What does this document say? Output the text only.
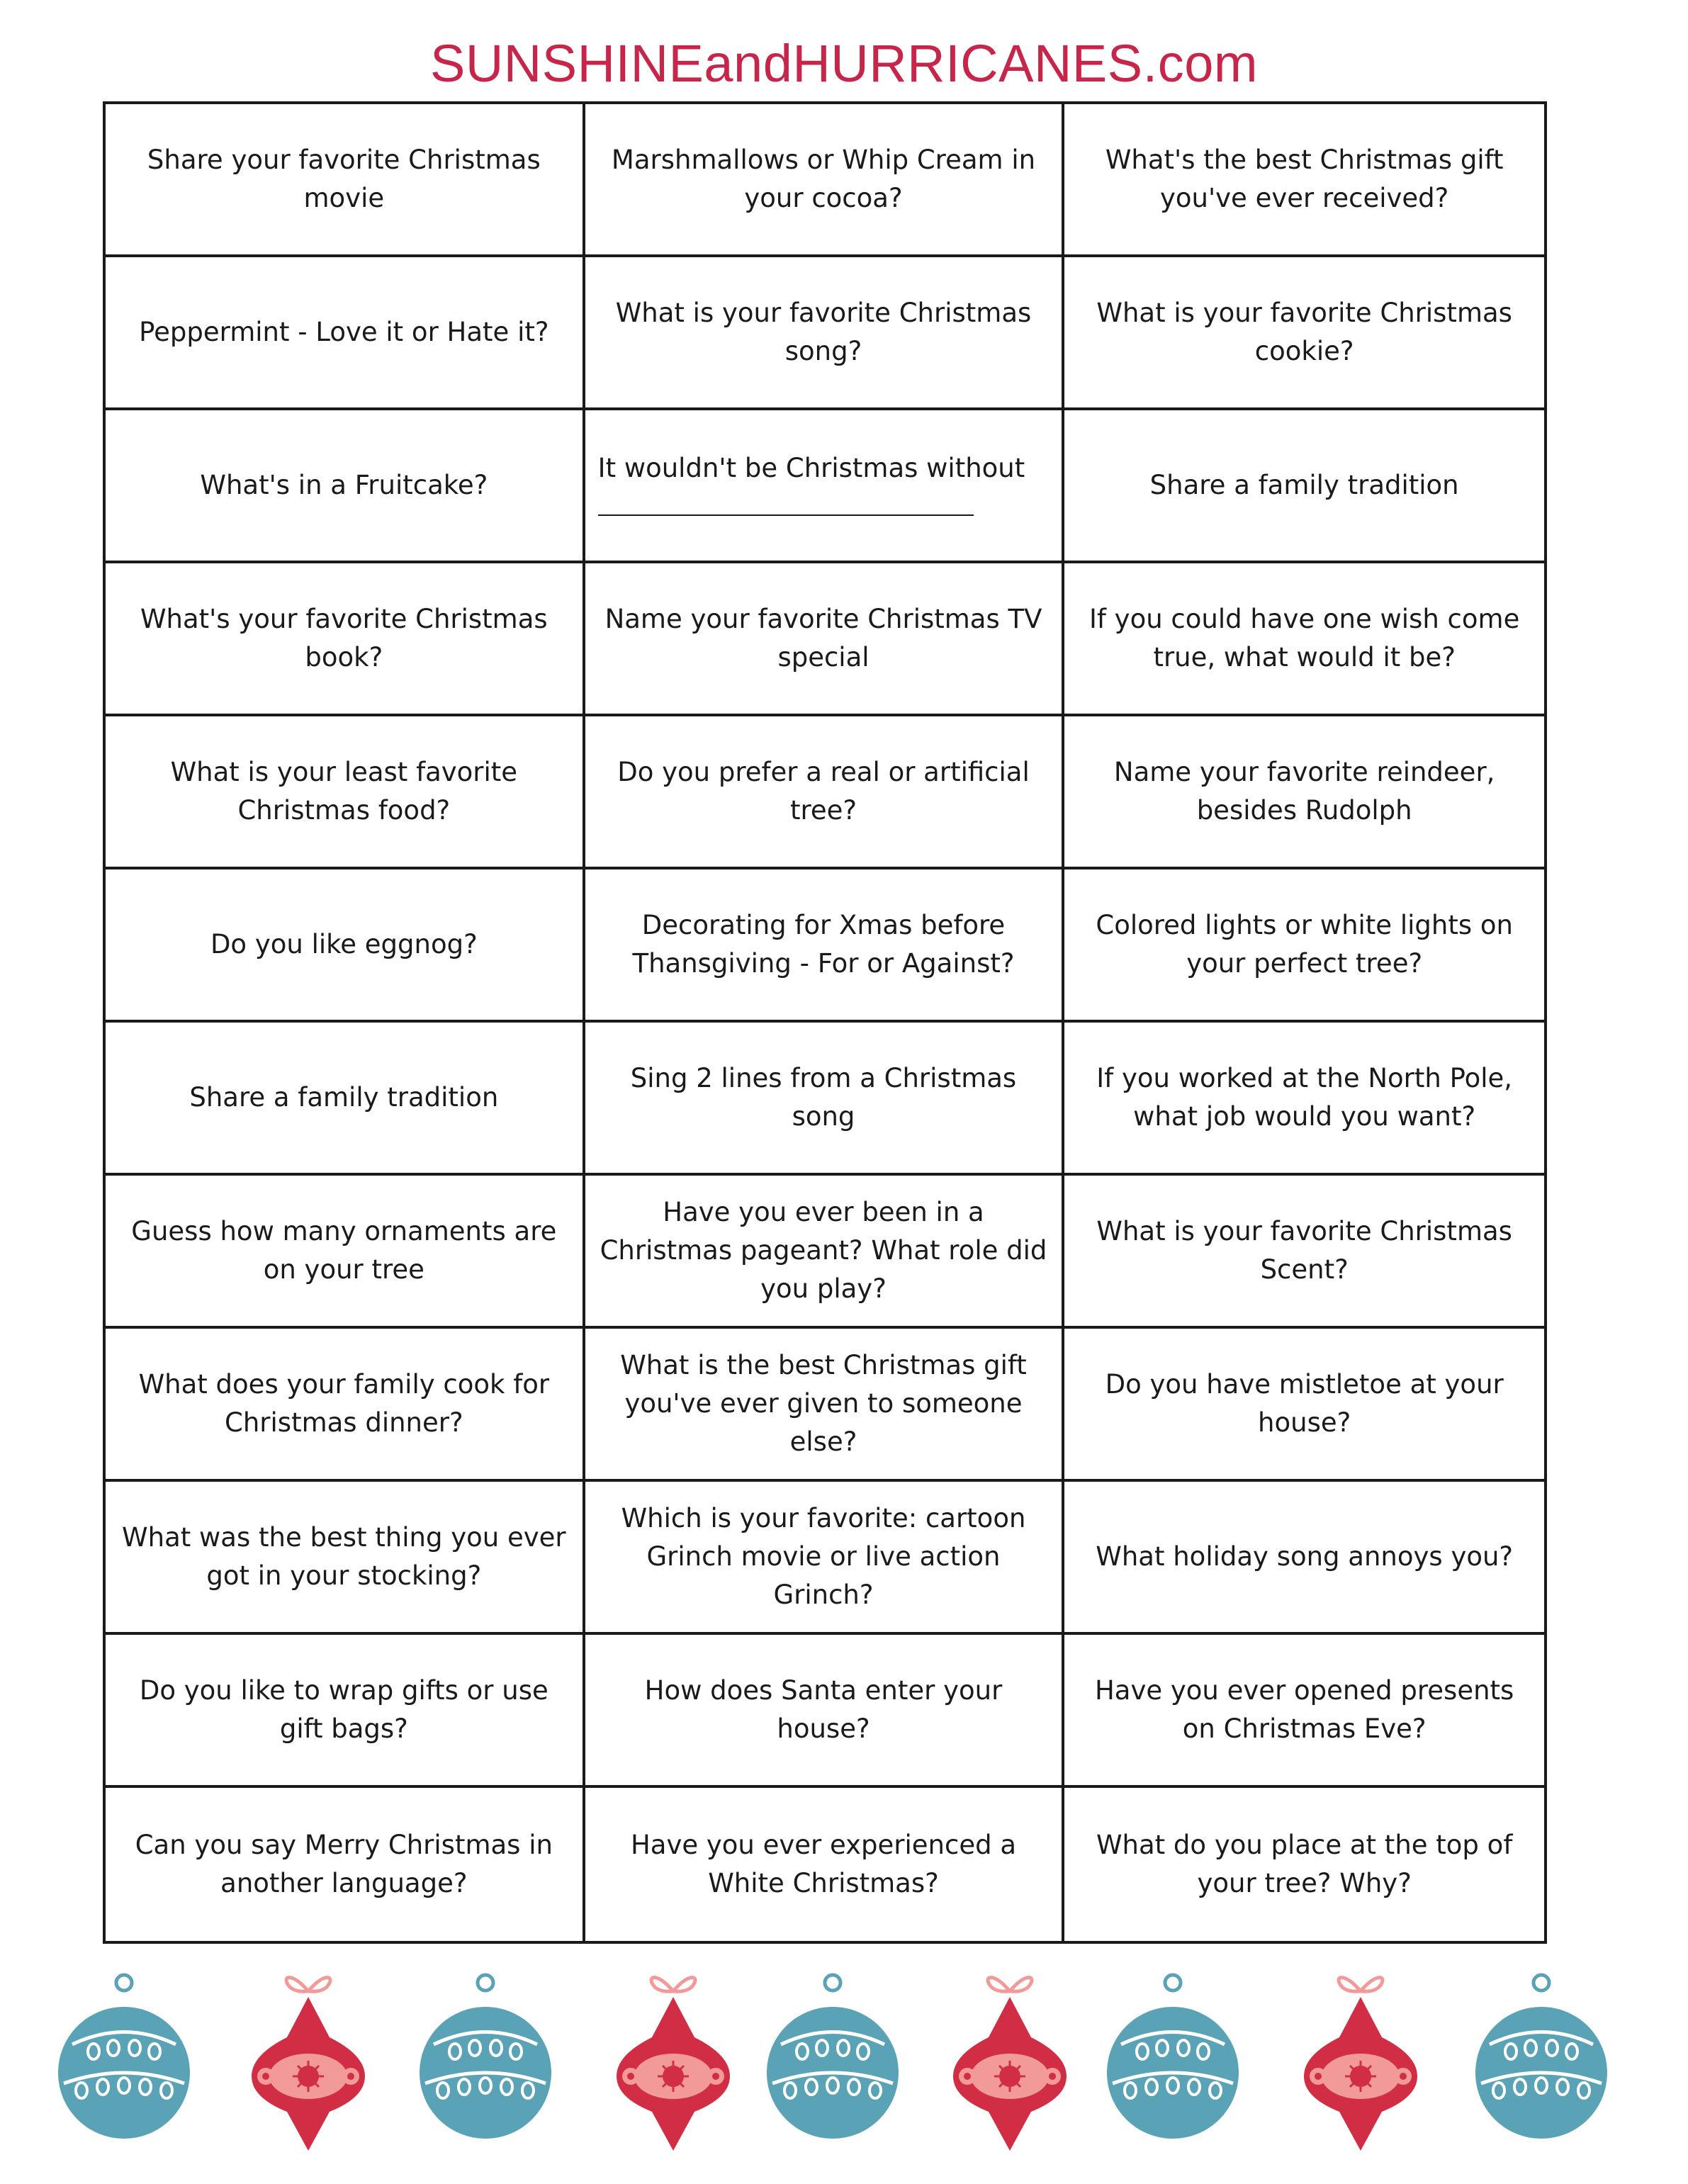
SUNSHINEandHURRICANES.com
Share your favorite Christmas movie
Marshmallows or Whip Cream in your cocoa?
What's the best Christmas gift you've ever received?
Peppermint - Love it or Hate it?
What is your favorite Christmas song?
What is your favorite Christmas cookie?
What's in a Fruitcake?
It wouldn't be Christmas without
Share a family tradition
What's your favorite Christmas book?
Name your favorite Christmas TV special
If you could have one wish come true, what would it be?
What is your least favorite Christmas food?
Do you prefer a real or artificial tree?
Name your favorite reindeer, besides Rudolph
Do you like eggnog?
Decorating for Xmas before Thansgiving - For or Against?
Colored lights or white lights on your perfect tree?
Share a family tradition
Sing 2 lines from a Christmas song
If you worked at the North Pole, what job would you want?
Guess how many ornaments are on your tree
Have you ever been in a Christmas pageant? What role did you play?
What is your favorite Christmas Scent?
What does your family cook for Christmas dinner?
What is the best Christmas gift you've ever given to someone else?
Do you have mistletoe at your house?
What was the best thing you ever got in your stocking?
Which is your favorite: cartoon Grinch movie or live action Grinch?
What holiday song annoys you?
Do you like to wrap gifts or use gift bags?
How does Santa enter your house?
Have you ever opened presents on Christmas Eve?
Can you say Merry Christmas in another language?
Have you ever experienced a White Christmas?
What do you place at the top of your tree? Why?
